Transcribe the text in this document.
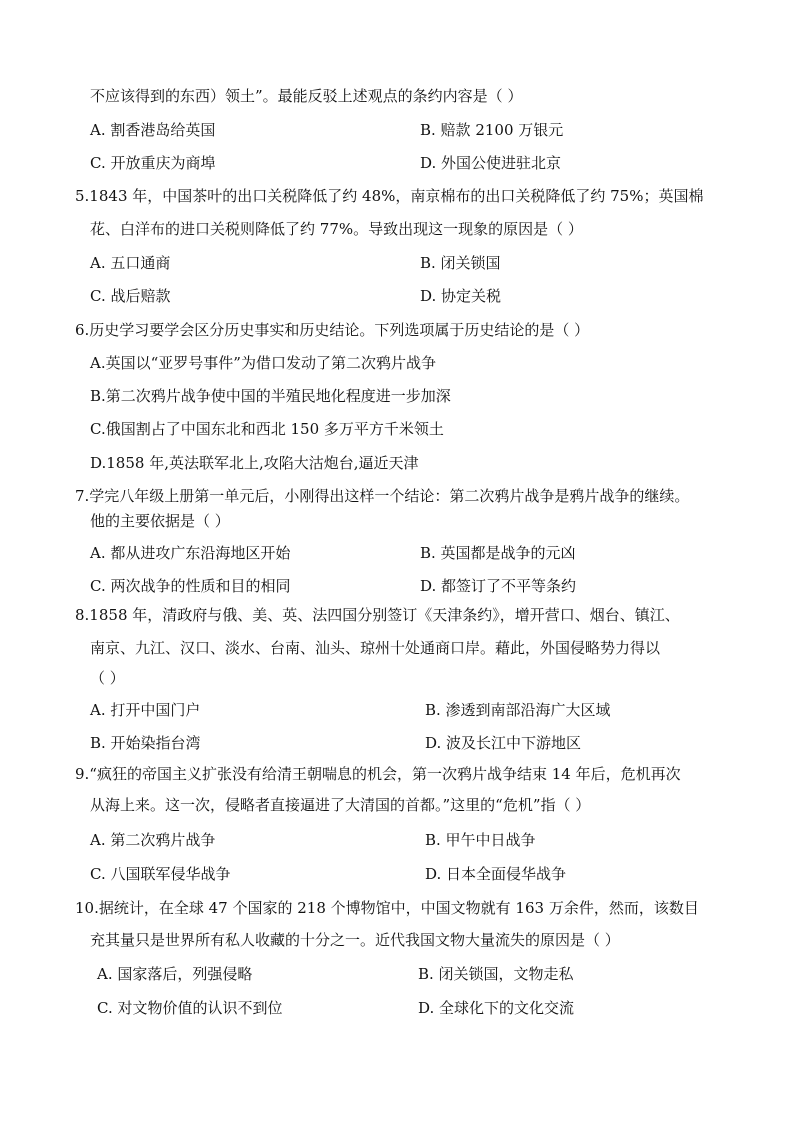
不应该得到的东西）领土”。最能反驳上述观点的条约内容是（ ）
A. 割香港岛给英国	B. 赔款 2100 万银元
C. 开放重庆为商埠	D. 外国公使进驻北京
5.1843 年，中国茶叶的出口关税降低了约 48%，南京棉布的出口关税降低了约 75%；英国棉
花、白洋布的进口关税则降低了约 77%。导致出现这一现象的原因是（ ）
A. 五口通商	B. 闭关锁国
C. 战后赔款	D. 协定关税
6.历史学习要学会区分历史事实和历史结论。下列选项属于历史结论的是（ ）
A.英国以“亚罗号事件”为借口发动了第二次鸦片战争
B.第二次鸦片战争使中国的半殖民地化程度进一步加深
C.俄国割占了中国东北和西北 150 多万平方千米领土
D.1858 年,英法联军北上,攻陷大沽炮台,逼近天津
7.学完八年级上册第一单元后，小刚得出这样一个结论：第二次鸦片战争是鸦片战争的继续。
他的主要依据是（ ）
A. 都从进攻广东沿海地区开始	B. 英国都是战争的元凶
C. 两次战争的性质和目的相同	D. 都签订了不平等条约
8.1858 年，清政府与俄、美、英、法四国分别签订《天津条约》，增开营口、烟台、镇江、
南京、九江、汉口、淡水、台南、汕头、琼州十处通商口岸。藉此，外国侵略势力得以
（ ）
A. 打开中国门户	B. 渗透到南部沿海广大区域
B. 开始染指台湾	D. 波及长江中下游地区
9.“疯狂的帝国主义扩张没有给清王朝喘息的机会，第一次鸦片战争结束 14 年后，危机再次
从海上来。这一次，侵略者直接逼进了大清国的首都。”这里的“危机”指（ ）
A. 第二次鸦片战争	B. 甲午中日战争
C. 八国联军侵华战争	D. 日本全面侵华战争
10.据统计，在全球 47 个国家的 218 个博物馆中，中国文物就有 163 万余件，然而，该数目
充其量只是世界所有私人收藏的十分之一。近代我国文物大量流失的原因是（ ）
A. 国家落后，列强侵略	B. 闭关锁国，文物走私
C. 对文物价值的认识不到位	D. 全球化下的文化交流
